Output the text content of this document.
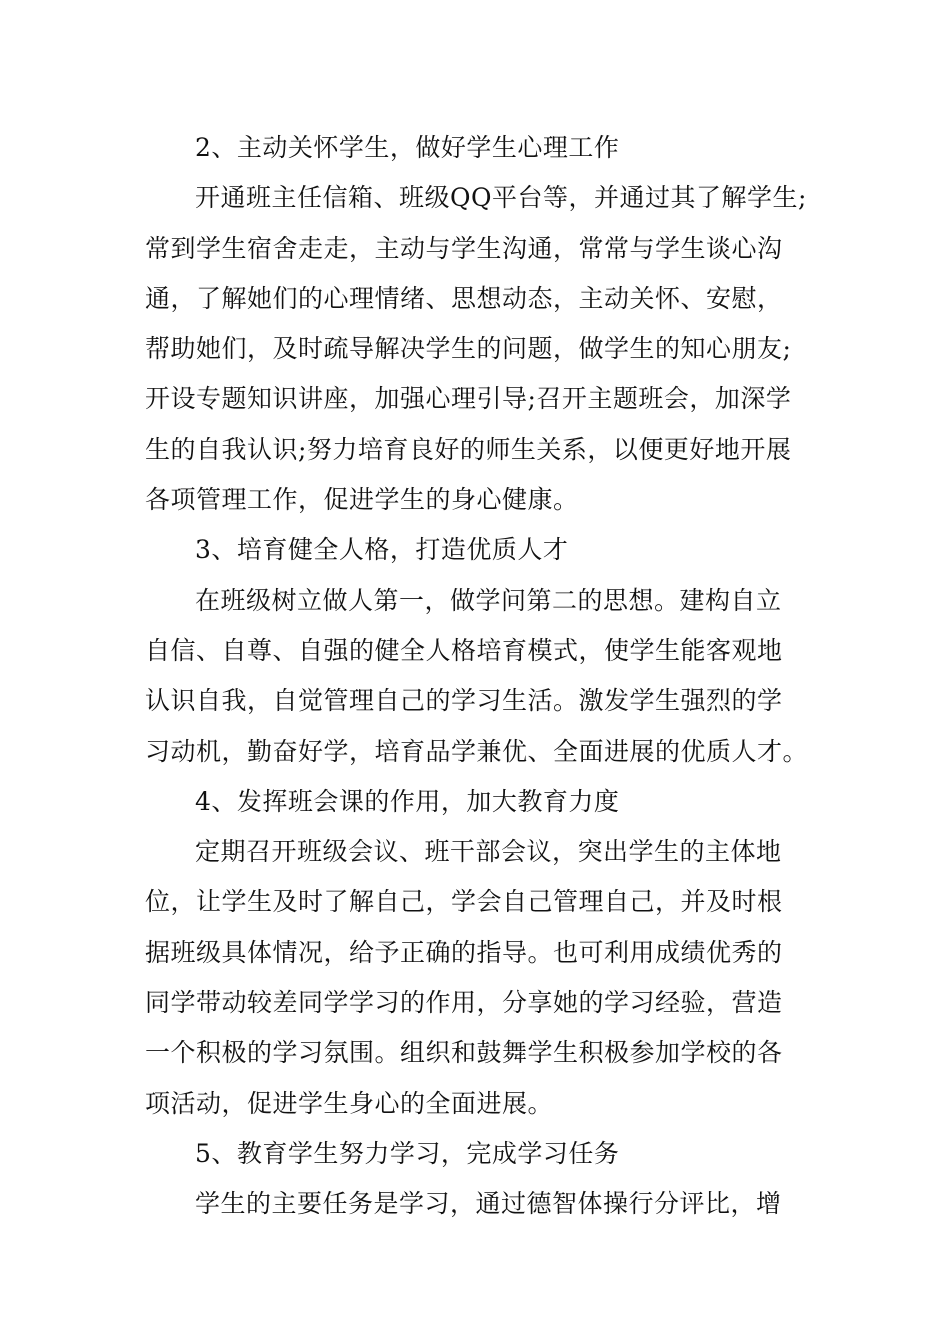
2、主动关怀学生，做好学生心理工作
开通班主任信箱、班级QQ平台等，并通过其了解学生;
常到学生宿舍走走，主动与学生沟通，常常与学生谈心沟
通，了解她们的心理情绪、思想动态，主动关怀、安慰，
帮助她们，及时疏导解决学生的问题，做学生的知心朋友;
开设专题知识讲座，加强心理引导;召开主题班会，加深学
生的自我认识;努力培育良好的师生关系，以便更好地开展
各项管理工作，促进学生的身心健康。
3、培育健全人格，打造优质人才
在班级树立做人第一，做学问第二的思想。建构自立
自信、自尊、自强的健全人格培育模式，使学生能客观地
认识自我，自觉管理自己的学习生活。激发学生强烈的学
习动机，勤奋好学，培育品学兼优、全面进展的优质人才。
4、发挥班会课的作用，加大教育力度
定期召开班级会议、班干部会议，突出学生的主体地
位，让学生及时了解自己，学会自己管理自己，并及时根
据班级具体情况，给予正确的指导。也可利用成绩优秀的
同学带动较差同学学习的作用，分享她的学习经验，营造
一个积极的学习氛围。组织和鼓舞学生积极参加学校的各
项活动，促进学生身心的全面进展。
5、教育学生努力学习，完成学习任务
学生的主要任务是学习，通过德智体操行分评比，增
